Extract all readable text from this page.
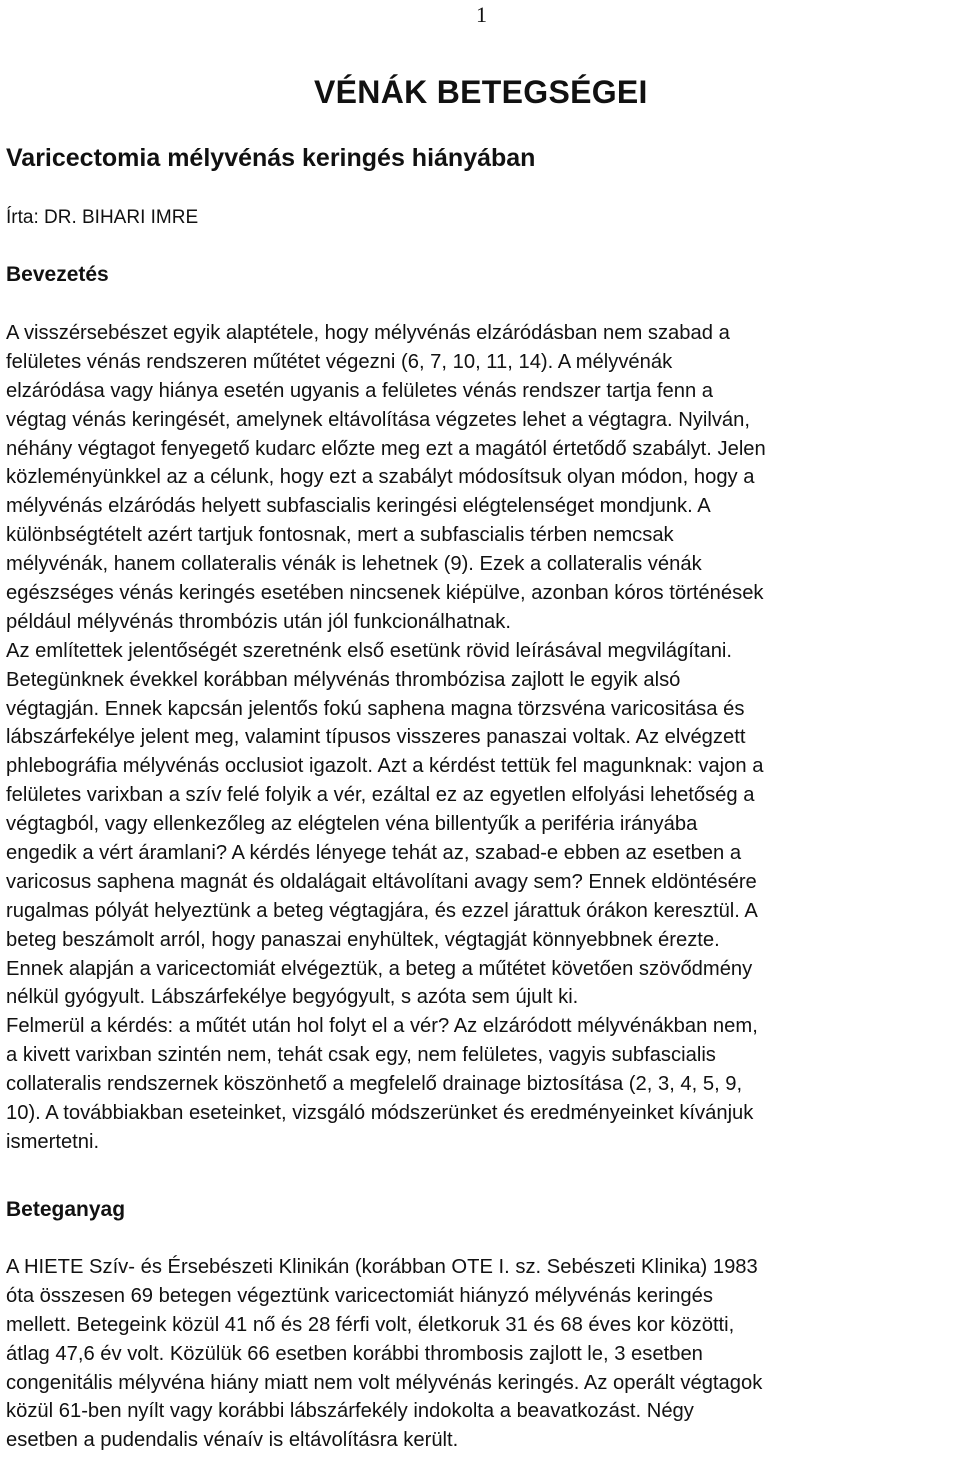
1
VÉNÁK BETEGSÉGEI
Varicectomia mélyvénás keringés hiányában
Írta: DR. BIHARI IMRE
Bevezetés
A visszérsebészet egyik alaptétele, hogy mélyvénás elzáródásban nem szabad a
felületes vénás rendszeren műtétet végezni (6, 7, 10, 11, 14). A mélyvénák
elzáródása vagy hiánya esetén ugyanis a felületes vénás rendszer tartja fenn a
végtag vénás keringését, amelynek eltávolítása végzetes lehet a végtagra. Nyilván,
néhány végtagot fenyegető kudarc előzte meg ezt a magától értetődő szabályt. Jelen
közleményünkkel az a célunk, hogy ezt a szabályt módosítsuk olyan módon, hogy a
mélyvénás elzáródás helyett subfascialis keringési elégtelenséget mondjunk. A
különbségtételt azért tartjuk fontosnak, mert a subfascialis térben nemcsak
mélyvénák, hanem collateralis vénák is lehetnek (9). Ezek a collateralis vénák
egészséges vénás keringés esetében nincsenek kiépülve, azonban kóros történések
például mélyvénás thrombózis után jól funkcionálhatnak.
Az említettek jelentőségét szeretnénk első esetünk rövid leírásával megvilágítani.
Betegünknek évekkel korábban mélyvénás thrombózisa zajlott le egyik alsó
végtagján. Ennek kapcsán jelentős fokú saphena magna törzsvéna varicositása és
lábszárfekélye jelent meg, valamint típusos visszeres panaszai voltak. Az elvégzett
phlebográfia mélyvénás occlusiot igazolt. Azt a kérdést tettük fel magunknak: vajon a
felületes varixban a szív felé folyik a vér, ezáltal ez az egyetlen elfolyási lehetőség a
végtagból, vagy ellenkezőleg az elégtelen véna billentyűk a periféria irányába
engedik a vért áramlani? A kérdés lényege tehát az, szabad-e ebben az esetben a
varicosus saphena magnát és oldalágait eltávolítani avagy sem? Ennek eldöntésére
rugalmas pólyát helyeztünk a beteg végtagjára, és ezzel járattuk órákon keresztül. A
beteg beszámolt arról, hogy panaszai enyhültek, végtagját könnyebbnek érezte.
Ennek alapján a varicectomiát elvégeztük, a beteg a műtétet követően szövődmény
nélkül gyógyult. Lábszárfekélye begyógyult, s azóta sem újult ki.
Felmerül a kérdés: a műtét után hol folyt el a vér? Az elzáródott mélyvénákban nem,
a kivett varixban szintén nem, tehát csak egy, nem felületes, vagyis subfascialis
collateralis rendszernek köszönhető a megfelelő drainage biztosítása (2, 3, 4, 5, 9,
10). A továbbiakban eseteinket, vizsgáló módszerünket és eredményeinket kívánjuk
ismertetni.
Beteganyag
A HIETE Szív- és Érsebészeti Klinikán (korábban OTE I. sz. Sebészeti Klinika) 1983
óta összesen 69 betegen végeztünk varicectomiát hiányzó mélyvénás keringés
mellett. Betegeink közül 41 nő és 28 férfi volt, életkoruk 31 és 68 éves kor közötti,
átlag 47,6 év volt. Közülük 66 esetben korábbi thrombosis zajlott le, 3 esetben
congenitális mélyvéna hiány miatt nem volt mélyvénás keringés. Az operált végtagok
közül 61-ben nyílt vagy korábbi lábszárfekély indokolta a beavatkozást. Négy
esetben a pudendalis vénaív is eltávolításra került.
